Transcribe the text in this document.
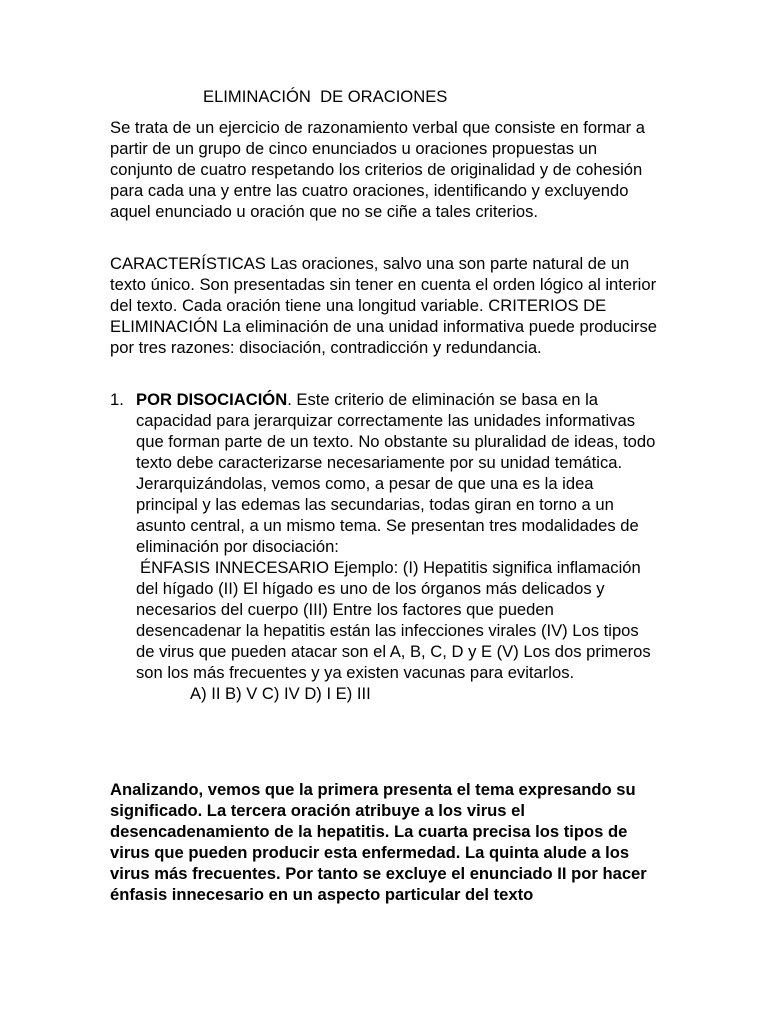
ELIMINACIÓN  DE ORACIONES

Se trata de un ejercicio de razonamiento verbal que consiste en formar a partir de un grupo de cinco enunciados u oraciones propuestas un conjunto de cuatro respetando los criterios de originalidad y de cohesión para cada una y entre las cuatro oraciones, identificando y excluyendo aquel enunciado u oración que no se ciñe a tales criterios.

CARACTERÍSTICAS Las oraciones, salvo una son parte natural de un texto único. Son presentadas sin tener en cuenta el orden lógico al interior del texto. Cada oración tiene una longitud variable. CRITERIOS DE ELIMINACIÓN La eliminación de una unidad informativa puede producirse por tres razones: disociación, contradicción y redundancia.

1. POR DISOCIACIÓN. Este criterio de eliminación se basa en la capacidad para jerarquizar correctamente las unidades informativas que forman parte de un texto. No obstante su pluralidad de ideas, todo texto debe caracterizarse necesariamente por su unidad temática. Jerarquizándolas, vemos como, a pesar de que una es la idea principal y las edemas las secundarias, todas giran en torno a un asunto central, a un mismo tema. Se presentan tres modalidades de eliminación por disociación:
ÉNFASIS INNECESARIO Ejemplo: (I) Hepatitis significa inflamación del hígado (II) El hígado es uno de los órganos más delicados y necesarios del cuerpo (III) Entre los factores que pueden desencadenar la hepatitis están las infecciones virales (IV) Los tipos de virus que pueden atacar son el A, B, C, D y E (V) Los dos primeros son los más frecuentes y ya existen vacunas para evitarlos.
A) II B) V C) IV D) I E) III

Analizando, vemos que la primera presenta el tema expresando su significado. La tercera oración atribuye a los virus el desencadenamiento de la hepatitis. La cuarta precisa los tipos de virus que pueden producir esta enfermedad. La quinta alude a los virus más frecuentes. Por tanto se excluye el enunciado II por hacer énfasis innecesario en un aspecto particular del texto
